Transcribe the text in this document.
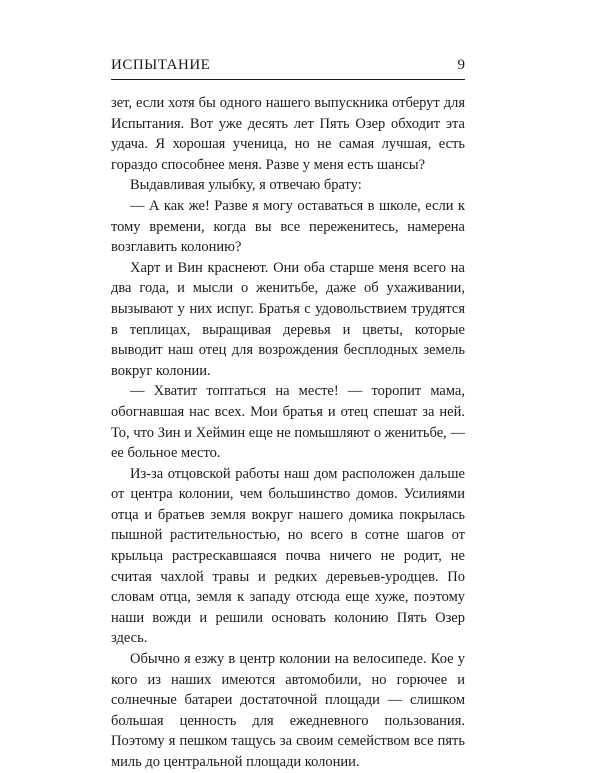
ИСПЫТАНИЕ	9

зет, если хотя бы одного нашего выпускника отберут для Испытания. Вот уже десять лет Пять Озер обходит эта удача. Я хорошая ученица, но не самая лучшая, есть гораздо способнее меня. Разве у меня есть шансы?

Выдавливая улыбку, я отвечаю брату:

— А как же! Разве я могу оставаться в школе, если к тому времени, когда вы все переженитесь, намерена возглавить колонию?

Харт и Вин краснеют. Они оба старше меня всего на два года, и мысли о женитьбе, даже об ухаживании, вызывают у них испуг. Братья с удовольствием трудятся в теплицах, выращивая деревья и цветы, которые выводит наш отец для возрождения бесплодных земель вокруг колонии.

— Хватит топтаться на месте! — торопит мама, обогнавшая нас всех. Мои братья и отец спешат за ней. То, что Зин и Хеймин еще не помышляют о женитьбе, — ее больное место.

Из-за отцовской работы наш дом расположен дальше от центра колонии, чем большинство домов. Усилиями отца и братьев земля вокруг нашего домика покрылась пышной растительностью, но всего в сотне шагов от крыльца растрескавшаяся почва ничего не родит, не считая чахлой травы и редких деревьев-уродцев. По словам отца, земля к западу отсюда еще хуже, поэтому наши вожди и решили основать колонию Пять Озер здесь.

Обычно я езжу в центр колонии на велосипеде. Кое у кого из наших имеются автомобили, но горючее и солнечные батареи достаточной площади — слишком большая ценность для ежедневного пользования. Поэтому я пешком тащусь за своим семейством все пять миль до центральной площади колонии.
